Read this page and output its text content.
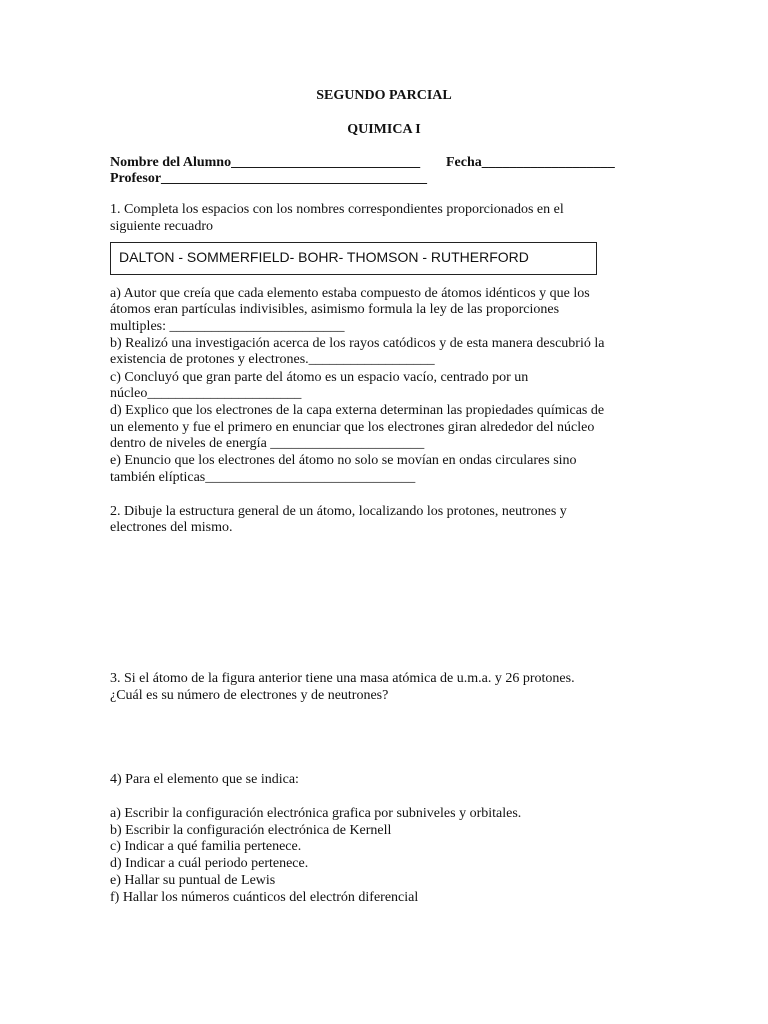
SEGUNDO PARCIAL
QUIMICA I
Nombre del Alumno___________________________ Fecha___________________
Profesor______________________________________
1. Completa los espacios con los nombres correspondientes proporcionados en el
siguiente recuadro
DALTON - SOMMERFIELD- BOHR- THOMSON - RUTHERFORD
a) Autor que creía que cada elemento estaba compuesto de átomos idénticos y que los
átomos eran partículas indivisibles, asimismo formula la ley de las proporciones
multiples: _________________________
b) Realizó una investigación acerca de los rayos catódicos y de esta manera descubrió la
existencia de protones y electrones.__________________
c) Concluyó que gran parte del átomo es un espacio vacío, centrado por un
núcleo______________________
d) Explico que los electrones de la capa externa determinan las propiedades químicas de
un elemento y fue el primero en enunciar que los electrones giran alrededor del núcleo
dentro de niveles de energía ______________________
e) Enuncio que los electrones del átomo no solo se movían en ondas circulares sino
también elípticas______________________________
2. Dibuje la estructura general de un átomo, localizando los protones, neutrones y
electrones del mismo.
3. Si el átomo de la figura anterior tiene una masa atómica de u.m.a. y 26 protones.
¿Cuál es su número de electrones y de neutrones?
4) Para el elemento que se indica:
a) Escribir la configuración electrónica grafica por subniveles y orbitales.
b) Escribir la configuración electrónica de Kernell
c) Indicar a qué familia pertenece.
d) Indicar a cuál periodo pertenece.
e) Hallar su puntual de Lewis
f) Hallar los números cuánticos del electrón diferencial
